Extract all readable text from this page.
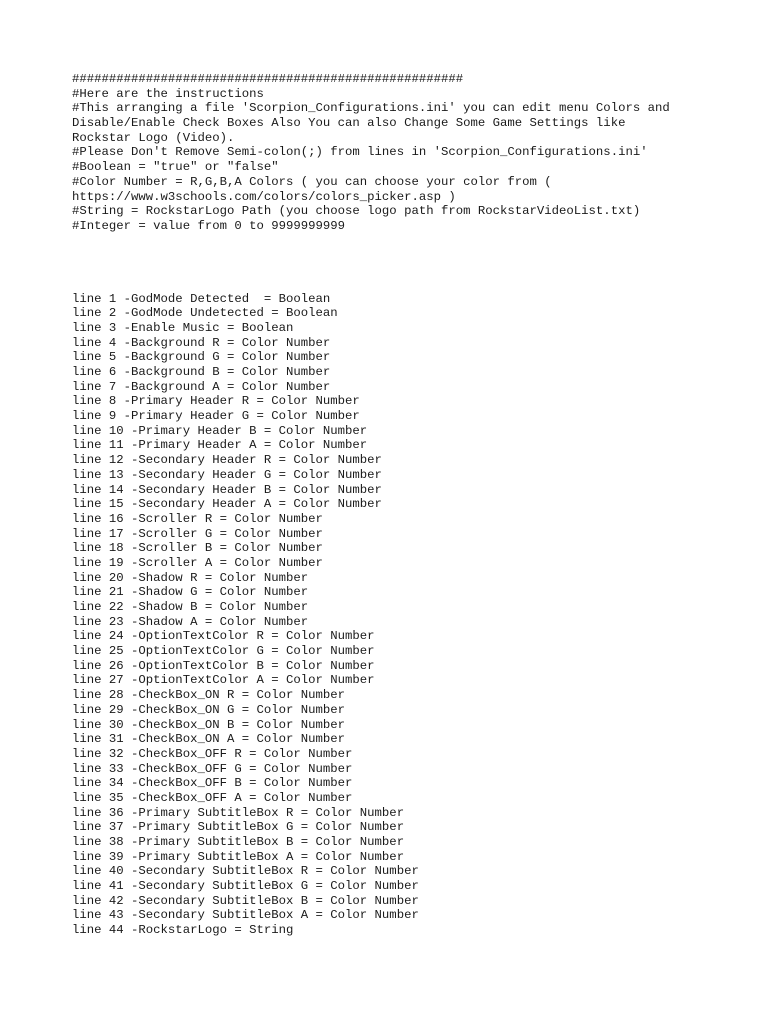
#####################################################
#Here are the instructions
#This arranging a file 'Scorpion_Configurations.ini' you can edit menu Colors and
Disable/Enable Check Boxes Also You can also Change Some Game Settings like
Rockstar Logo (Video).
#Please Don't Remove Semi-colon(;) from lines in 'Scorpion_Configurations.ini'
#Boolean = "true" or "false"
#Color Number = R,G,B,A Colors ( you can choose your color from (
https://www.w3schools.com/colors/colors_picker.asp )
#String = RockstarLogo Path (you choose logo path from RockstarVideoList.txt)
#Integer = value from 0 to 9999999999
line 1 -GodMode Detected  = Boolean
line 2 -GodMode Undetected = Boolean
line 3 -Enable Music = Boolean
line 4 -Background R = Color Number
line 5 -Background G = Color Number
line 6 -Background B = Color Number
line 7 -Background A = Color Number
line 8 -Primary Header R = Color Number
line 9 -Primary Header G = Color Number
line 10 -Primary Header B = Color Number
line 11 -Primary Header A = Color Number
line 12 -Secondary Header R = Color Number
line 13 -Secondary Header G = Color Number
line 14 -Secondary Header B = Color Number
line 15 -Secondary Header A = Color Number
line 16 -Scroller R = Color Number
line 17 -Scroller G = Color Number
line 18 -Scroller B = Color Number
line 19 -Scroller A = Color Number
line 20 -Shadow R = Color Number
line 21 -Shadow G = Color Number
line 22 -Shadow B = Color Number
line 23 -Shadow A = Color Number
line 24 -OptionTextColor R = Color Number
line 25 -OptionTextColor G = Color Number
line 26 -OptionTextColor B = Color Number
line 27 -OptionTextColor A = Color Number
line 28 -CheckBox_ON R = Color Number
line 29 -CheckBox_ON G = Color Number
line 30 -CheckBox_ON B = Color Number
line 31 -CheckBox_ON A = Color Number
line 32 -CheckBox_OFF R = Color Number
line 33 -CheckBox_OFF G = Color Number
line 34 -CheckBox_OFF B = Color Number
line 35 -CheckBox_OFF A = Color Number
line 36 -Primary SubtitleBox R = Color Number
line 37 -Primary SubtitleBox G = Color Number
line 38 -Primary SubtitleBox B = Color Number
line 39 -Primary SubtitleBox A = Color Number
line 40 -Secondary SubtitleBox R = Color Number
line 41 -Secondary SubtitleBox G = Color Number
line 42 -Secondary SubtitleBox B = Color Number
line 43 -Secondary SubtitleBox A = Color Number
line 44 -RockstarLogo = String
